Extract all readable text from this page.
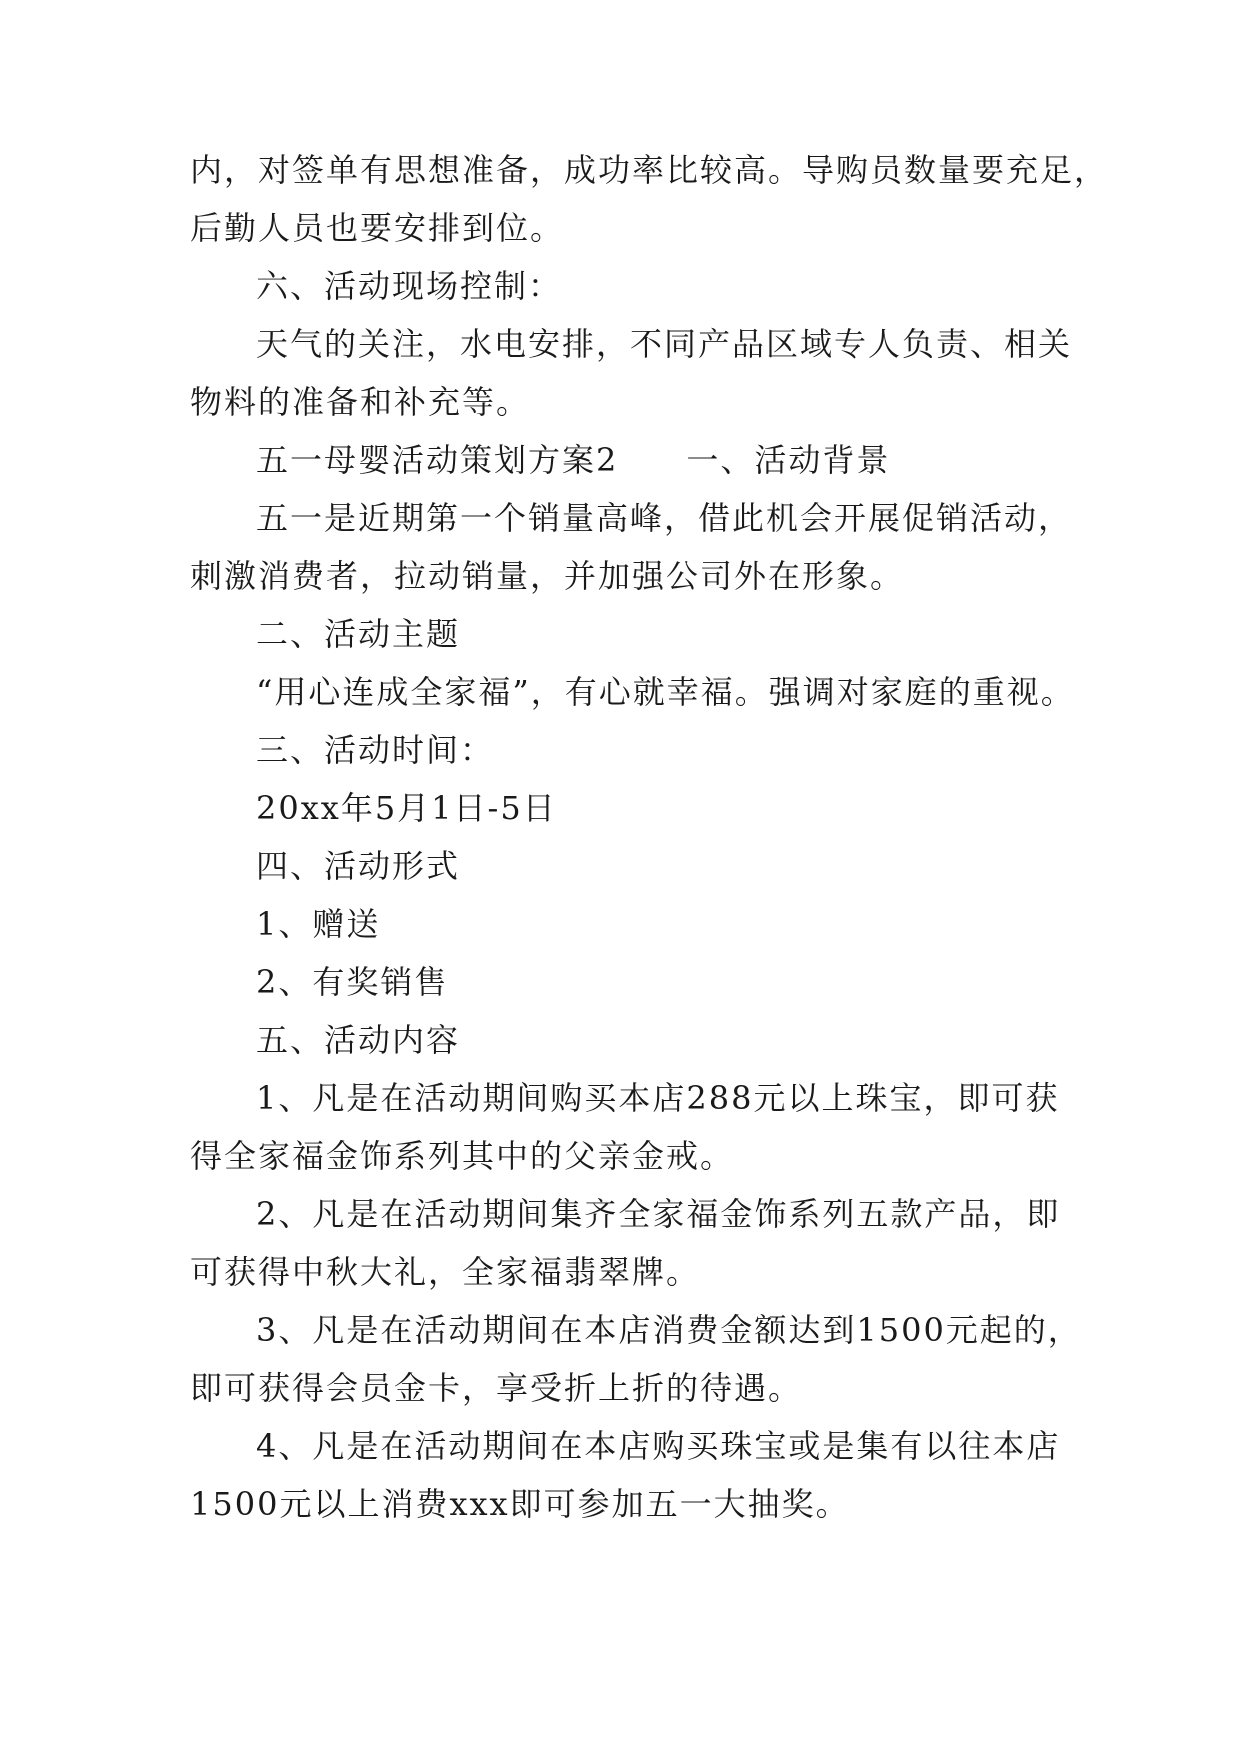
内，对签单有思想准备，成功率比较高。导购员数量要充足，
后勤人员也要安排到位。
六、活动现场控制：
天气的关注，水电安排，不同产品区域专人负责、相关
物料的准备和补充等。
五一母婴活动策划方案2　　一、活动背景
五一是近期第一个销量高峰，借此机会开展促销活动，
刺激消费者，拉动销量，并加强公司外在形象。
二、活动主题
“用心连成全家福”，有心就幸福。强调对家庭的重视。
三、活动时间：
20xx年5月1日-5日
四、活动形式
1、赠送
2、有奖销售
五、活动内容
1、凡是在活动期间购买本店288元以上珠宝，即可获
得全家福金饰系列其中的父亲金戒。
2、凡是在活动期间集齐全家福金饰系列五款产品，即
可获得中秋大礼，全家福翡翠牌。
3、凡是在活动期间在本店消费金额达到1500元起的，
即可获得会员金卡，享受折上折的待遇。
4、凡是在活动期间在本店购买珠宝或是集有以往本店
1500元以上消费xxx即可参加五一大抽奖。
